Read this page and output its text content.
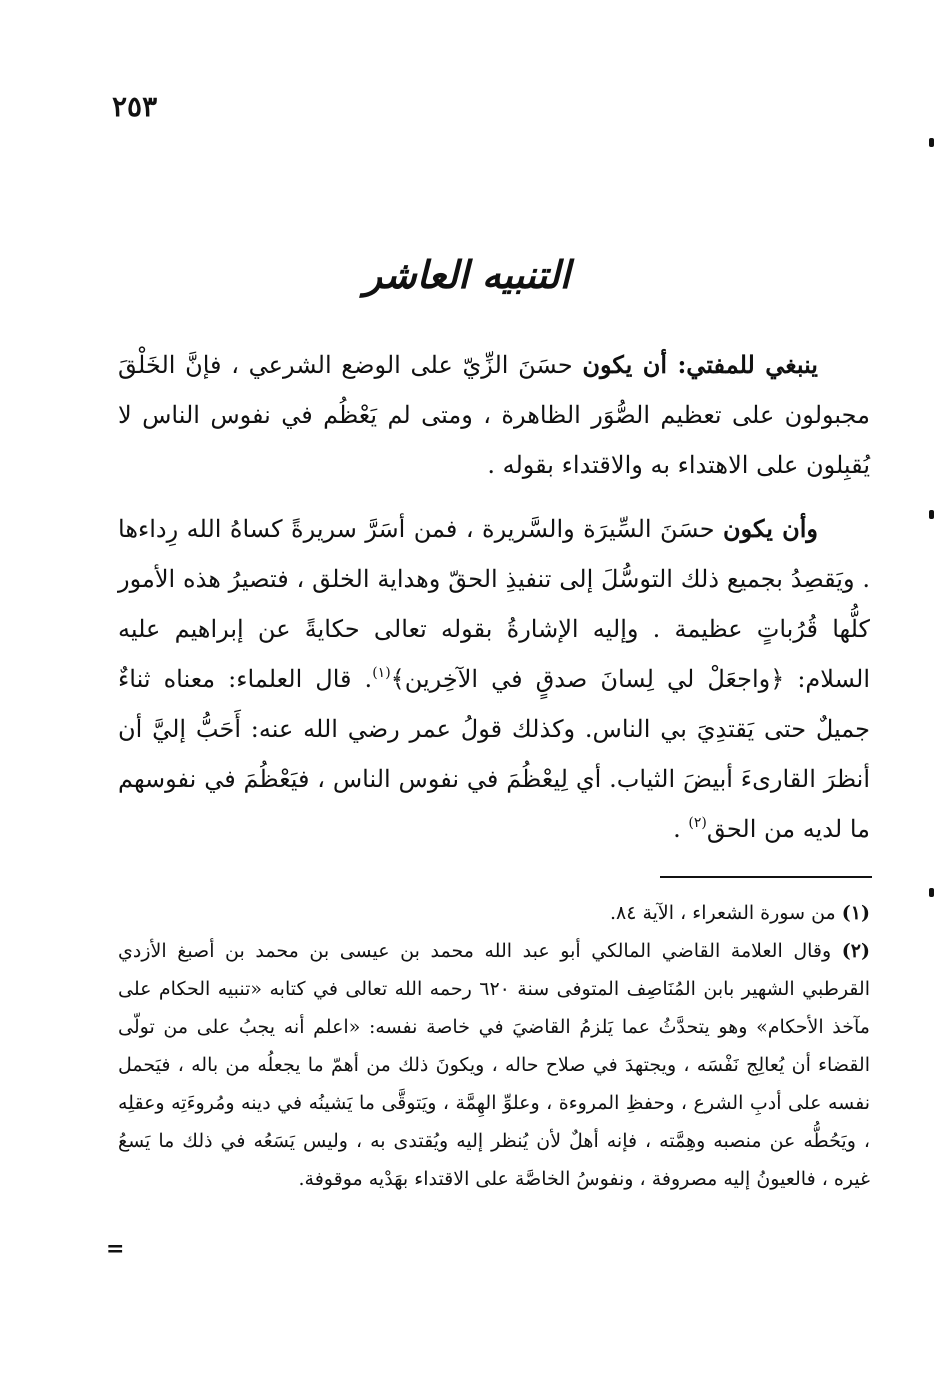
٢٥٣
التنبيه العاشر

ينبغي للمفتي: أن يكون حسَنَ الزِّيّ على الوضع الشرعي ، فإنَّ الخَلْقَ مجبولون على تعظيم الصُّوَر الظاهرة ، ومتى لم يَعْظُم في نفوس الناس لا يُقبِلون على الاهتداء به والاقتداء بقوله .

وأن يكون حسَنَ السِّيرَة والسَّريرة ، فمن أسَرَّ سريرةً كساهُ الله رِداءها . ويَقصِدُ بجميع ذلك التوسُّلَ إلى تنفيذِ الحقّ وهداية الخلق ، فتصيرُ هذه الأمور كلُّها قُرُباتٍ عظيمة . وإليه الإشارةُ بقوله تعالى حكايةً عن إبراهيم عليه السلام: ﴿واجعَلْ لي لِسانَ صدقٍ في الآخِرين﴾$^{(١)}$. قال العلماء: معناه ثناءٌ جميلٌ حتى يَقتدِيَ بي الناس. وكذلك قولُ عمر رضي الله عنه: أَحَبُّ إليَّ أن أنظرَ القارىءَ أبيضَ الثياب. أي لِيعْظُمَ في نفوس الناس ، فيَعْظُمَ في نفوسهم ما لديه من الحق$^{(٢)}$ .

(١) من سورة الشعراء ، الآية ٨٤.

(٢) وقال العلامة القاضي المالكي أبو عبد الله محمد بن عيسى بن محمد بن أصبغ الأزدي القرطبي الشهير بابن المُنَاصِف المتوفى سنة ٦٢٠ رحمه الله تعالى في كتابه «تنبيه الحكام على مآخذ الأحكام» وهو يتحدَّثُ عما يَلزمُ القاضيَ في خاصة نفسه: «اعلم أنه يجبُ على من تولّى القضاء أن يُعالِج نَفْسَه ، ويجتهدَ في صلاح حاله ، ويكونَ ذلك من أهمّ ما يجعلُه من باله ، فيَحمل نفسه على أدبِ الشرع ، وحفظِ المروءة ، وعلوِّ الهِمَّة ، ويَتوقَّى ما يَشينُه في دينه ومُروءَتِه وعقلِه ، ويَحُطُّه عن منصبه وهِمَّته ، فإنه أهلٌ لأن يُنظر إليه ويُقتدى به ، وليس يَسَعُه في ذلك ما يَسعُ غيره ، فالعيونُ إليه مصروفة ، ونفوسُ الخاصَّة على الاقتداء بهَدْيه موقوفة.

=
